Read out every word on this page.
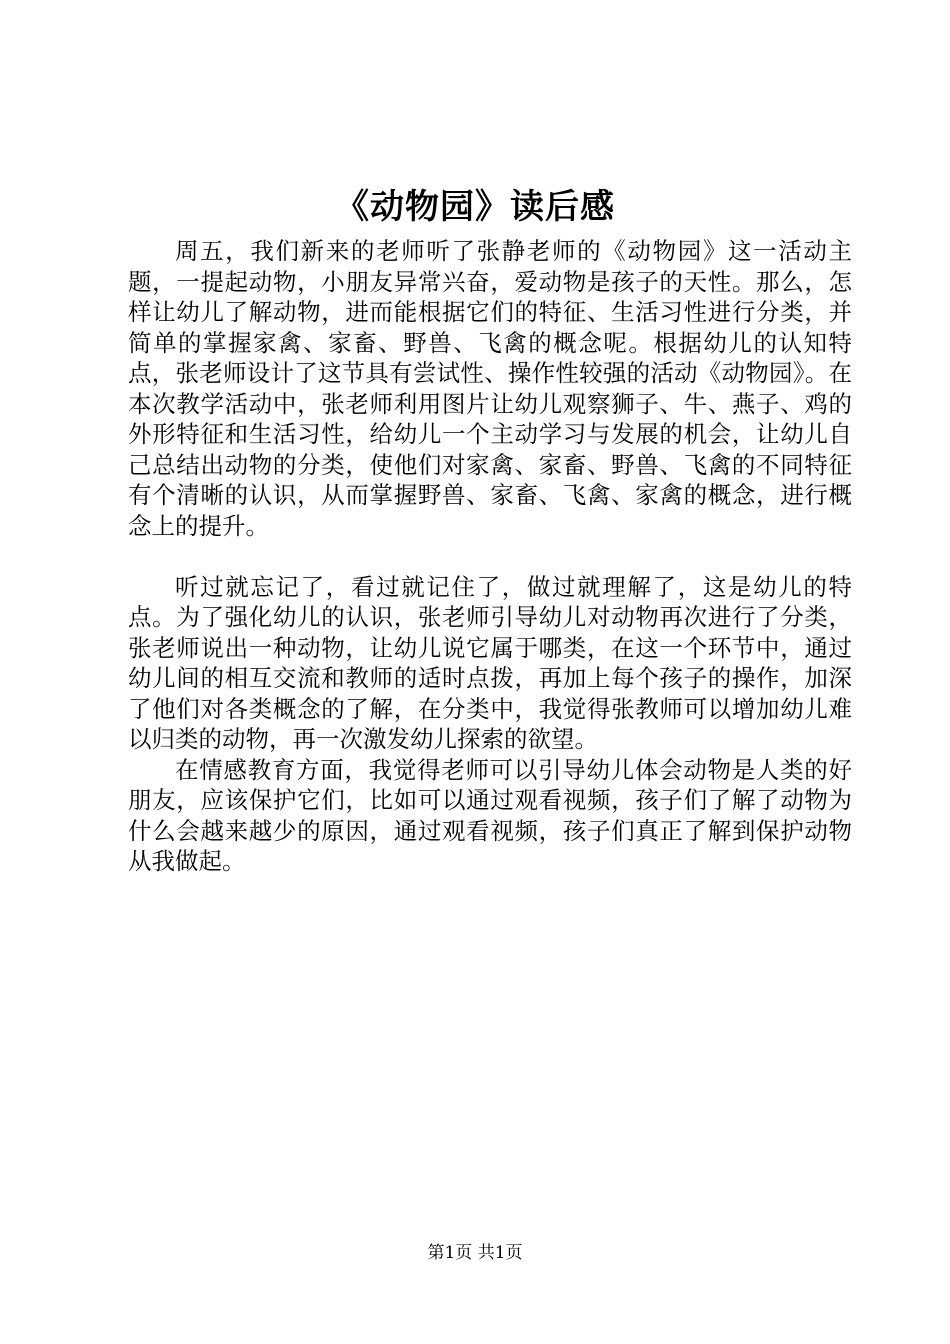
《动物园》读后感

周五，我们新来的老师听了张静老师的《动物园》这一活动主题，一提起动物，小朋友异常兴奋，爱动物是孩子的天性。那么，怎样让幼儿了解动物，进而能根据它们的特征、生活习性进行分类，并简单的掌握家禽、家畜、野兽、飞禽的概念呢。根据幼儿的认知特点，张老师设计了这节具有尝试性、操作性较强的活动《动物园》。在本次教学活动中，张老师利用图片让幼儿观察狮子、牛、燕子、鸡的外形特征和生活习性，给幼儿一个主动学习与发展的机会，让幼儿自己总结出动物的分类，使他们对家禽、家畜、野兽、飞禽的不同特征有个清晰的认识，从而掌握野兽、家畜、飞禽、家禽的概念，进行概念上的提升。

听过就忘记了，看过就记住了，做过就理解了，这是幼儿的特点。为了强化幼儿的认识，张老师引导幼儿对动物再次进行了分类，张老师说出一种动物，让幼儿说它属于哪类，在这一个环节中，通过幼儿间的相互交流和教师的适时点拨，再加上每个孩子的操作，加深了他们对各类概念的了解，在分类中，我觉得张教师可以增加幼儿难以归类的动物，再一次激发幼儿探索的欲望。

在情感教育方面，我觉得老师可以引导幼儿体会动物是人类的好朋友，应该保护它们，比如可以通过观看视频，孩子们了解了动物为什么会越来越少的原因，通过观看视频，孩子们真正了解到保护动物从我做起。

第1页 共1页
